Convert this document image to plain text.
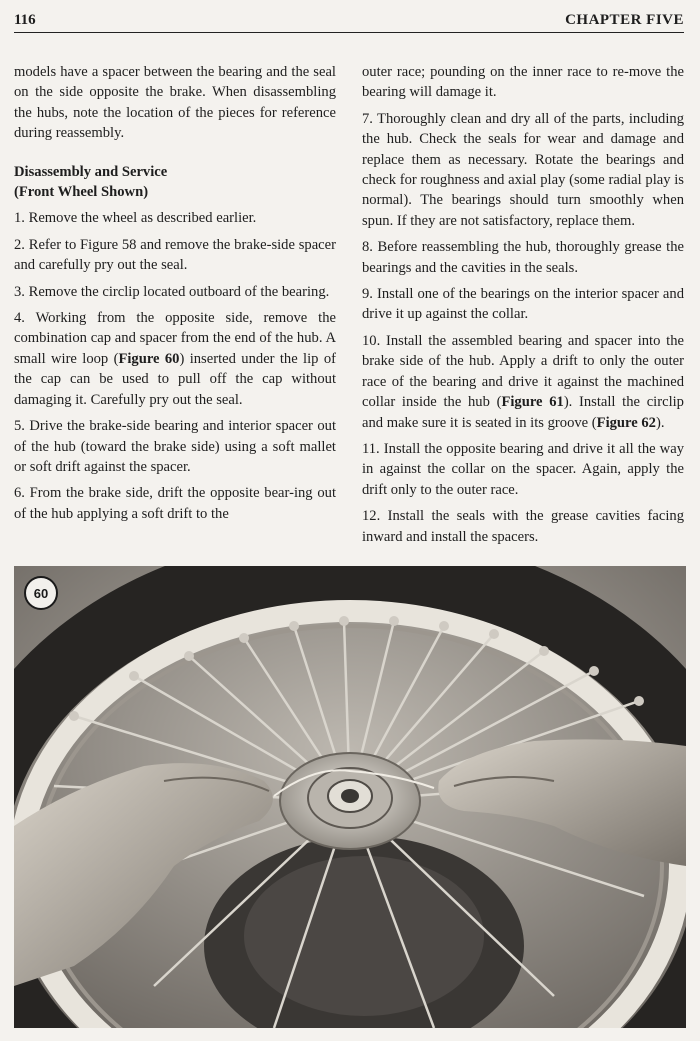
116	CHAPTER FIVE

models have a spacer between the bearing and the seal on the side opposite the brake. When disassembling the hubs, note the location of the pieces for reference during reassembly.

Disassembly and Service
(Front Wheel Shown)

1. Remove the wheel as described earlier.

2. Refer to Figure 58 and remove the brake-side spacer and carefully pry out the seal.

3. Remove the circlip located outboard of the bearing.

4. Working from the opposite side, remove the combination cap and spacer from the end of the hub. A small wire loop (Figure 60) inserted under the lip of the cap can be used to pull off the cap without damaging it. Carefully pry out the seal.

5. Drive the brake-side bearing and interior spacer out of the hub (toward the brake side) using a soft mallet or soft drift against the spacer.

6. From the brake side, drift the opposite bear-ing out of the hub applying a soft drift to the

outer race; pounding on the inner race to re-move the bearing will damage it.

7. Thoroughly clean and dry all of the parts, including the hub. Check the seals for wear and damage and replace them as necessary. Rotate the bearings and check for roughness and axial play (some radial play is normal). The bearings should turn smoothly when spun. If they are not satisfactory, replace them.

8. Before reassembling the hub, thoroughly grease the bearings and the cavities in the seals.

9. Install one of the bearings on the interior spacer and drive it up against the collar.

10. Install the assembled bearing and spacer into the brake side of the hub. Apply a drift to only the outer race of the bearing and drive it against the machined collar inside the hub (Figure 61). Install the circlip and make sure it is seated in its groove (Figure 62).

11. Install the opposite bearing and drive it all the way in against the collar on the spacer. Again, apply the drift only to the outer race.

12. Install the seals with the grease cavities facing inward and install the spacers.

60
